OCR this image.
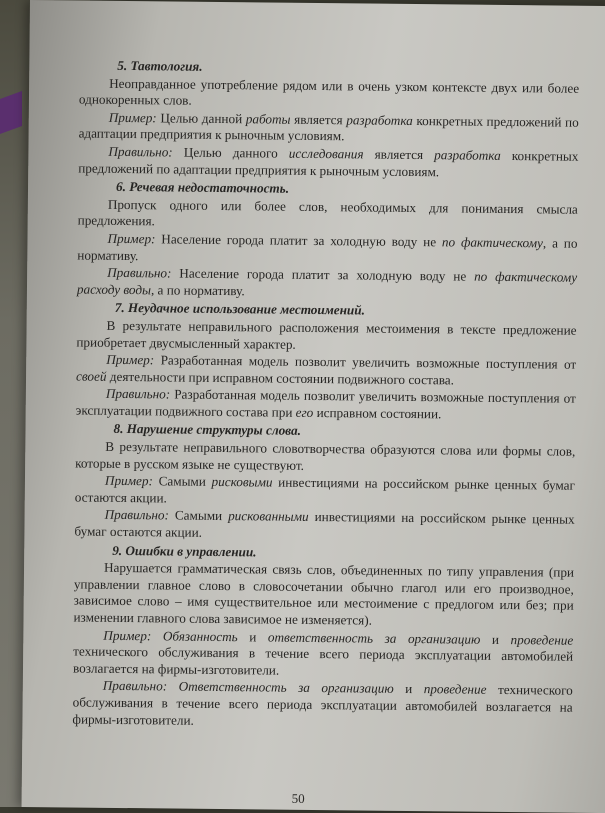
5. Тавтология.

Неоправданное употребление рядом или в очень узком контексте двух или более однокоренных слов.

Пример: Целью данной работы является разработка конкретных предложений по адаптации предприятия к рыночным условиям.

Правильно: Целью данного исследования является разработка конкретных предложений по адаптации предприятия к рыночным условиям.

6. Речевая недостаточность.

Пропуск одного или более слов, необходимых для понимания смысла предложения.

Пример: Население города платит за холодную воду не по фактическому, а по нормативу.

Правильно: Население города платит за холодную воду не по фактическому расходу воды, а по нормативу.

7. Неудачное использование местоимений.

В результате неправильного расположения местоимения в тексте предложение приобретает двусмысленный характер.

Пример: Разработанная модель позволит увеличить возможные поступления от своей деятельности при исправном состоянии подвижного состава.

Правильно: Разработанная модель позволит увеличить возможные поступления от эксплуатации подвижного состава при его исправном состоянии.

8. Нарушение структуры слова.

В результате неправильного словотворчества образуются слова или формы слов, которые в русском языке не существуют.

Пример: Самыми рисковыми инвестициями на российском рынке ценных бумаг остаются акции.

Правильно: Самыми рискованными инвестициями на российском рынке ценных бумаг остаются акции.

9. Ошибки в управлении.

Нарушается грамматическая связь слов, объединенных по типу управления (при управлении главное слово в словосочетании обычно глагол или его производное, зависимое слово – имя существительное или местоимение с предлогом или без; при изменении главного слова зависимое не изменяется).

Пример: Обязанность и ответственность за организацию и проведение технического обслуживания в течение всего периода эксплуатации автомобилей возлагается на фирмы-изготовители.

Правильно: Ответственность за организацию и проведение технического обслуживания в течение всего периода эксплуатации автомобилей возлагается на фирмы-изготовители.

50
